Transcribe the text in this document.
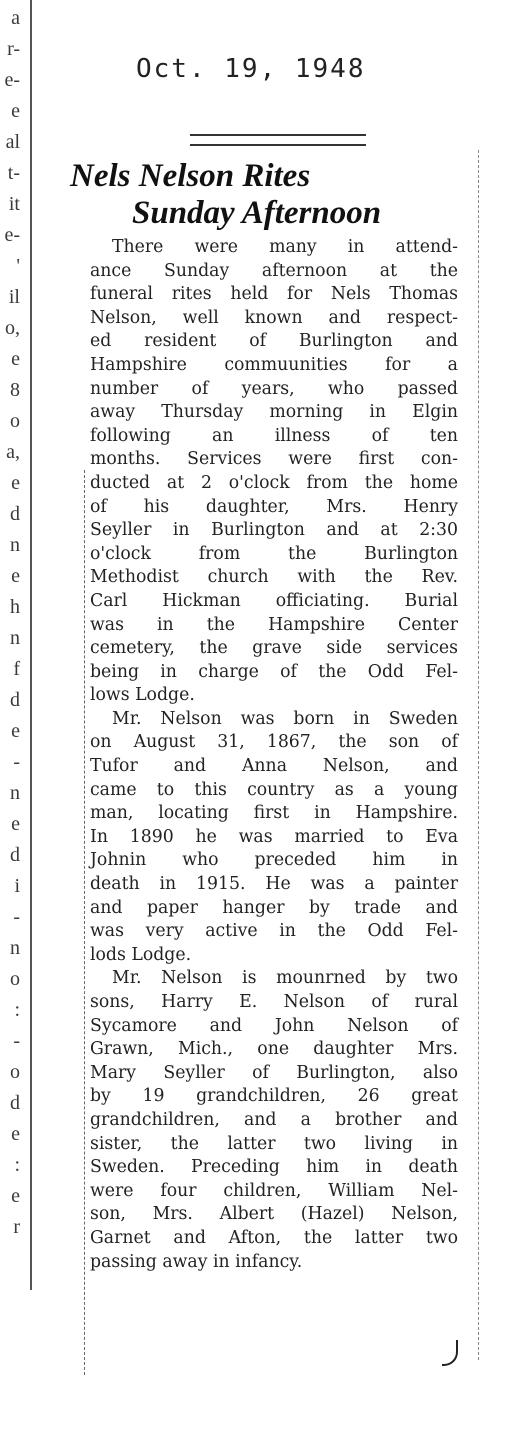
a
r-
e-
e
al
t-
it
e-
'
il
o,
e
8
o
a,
e
d
n
e
h
n
f
d
e
-
n
e
d
i
-
n
o
:
-
o
d
e
:
e
r
Oct. 19, 1948
Nels Nelson Rites
Sunday Afternoon

There were many in attend-
ance Sunday afternoon at the
funeral rites held for Nels Thomas
Nelson, well known and respect-
ed resident of Burlington and
Hampshire commuunities for a
number of years, who passed
away Thursday morning in Elgin
following an illness of ten
months. Services were first con-
ducted at 2 o'clock from the home
of his daughter, Mrs. Henry
Seyller in Burlington and at 2:30
o'clock from the Burlington
Methodist church with the Rev.
Carl Hickman officiating. Burial
was in the Hampshire Center
cemetery, the grave side services
being in charge of the Odd Fel-
lows Lodge.

Mr. Nelson was born in Sweden
on August 31, 1867, the son of
Tufor and Anna Nelson, and
came to this country as a young
man, locating first in Hampshire.
In 1890 he was married to Eva
Johnin who preceded him in
death in 1915. He was a painter
and paper hanger by trade and
was very active in the Odd Fel-
lods Lodge.

Mr. Nelson is mounrned by two
sons, Harry E. Nelson of rural
Sycamore and John Nelson of
Grawn, Mich., one daughter Mrs.
Mary Seyller of Burlington, also
by 19 grandchildren, 26 great
grandchildren, and a brother and
sister, the latter two living in
Sweden. Preceding him in death
were four children, William Nel-
son, Mrs. Albert (Hazel) Nelson,
Garnet and Afton, the latter two
passing away in infancy.
